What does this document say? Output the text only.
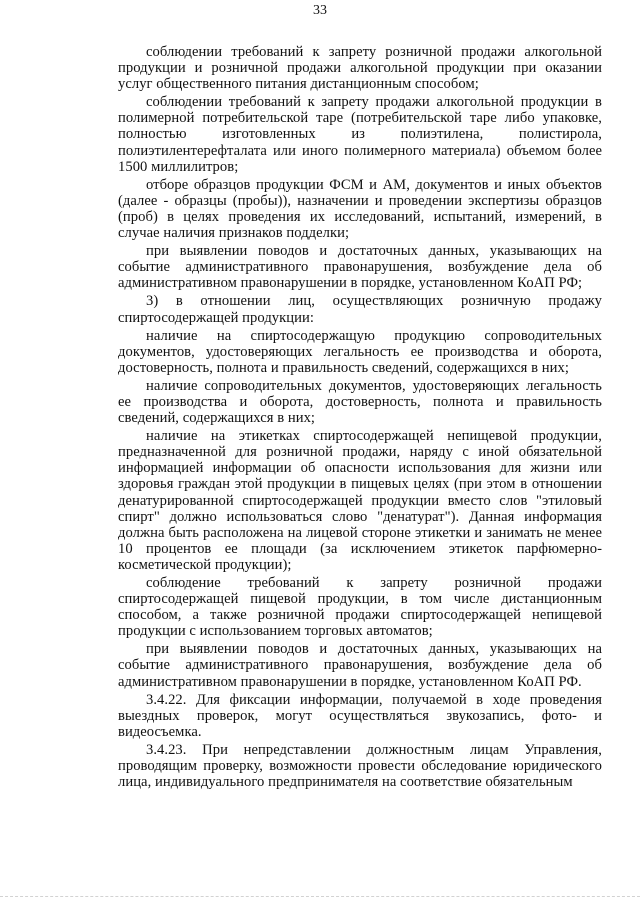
33

соблюдении требований к запрету розничной продажи алкогольной продукции и розничной продажи алкогольной продукции при оказании услуг общественного питания дистанционным способом;

соблюдении требований к запрету продажи алкогольной продукции в полимерной потребительской таре (потребительской таре либо упаковке, полностью изготовленных из полиэтилена, полистирола, полиэтилентерефталата или иного полимерного материала) объемом более 1500 миллилитров;

отборе образцов продукции ФСМ и АМ, документов и иных объектов (далее - образцы (пробы)), назначении и проведении экспертизы образцов (проб) в целях проведения их исследований, испытаний, измерений, в случае наличия признаков подделки;

при выявлении поводов и достаточных данных, указывающих на событие административного правонарушения, возбуждение дела об административном правонарушении в порядке, установленном КоАП РФ;

3) в отношении лиц, осуществляющих розничную продажу спиртосодержащей продукции:

наличие на спиртосодержащую продукцию сопроводительных документов, удостоверяющих легальность ее производства и оборота, достоверность, полнота и правильность сведений, содержащихся в них;

наличие сопроводительных документов, удостоверяющих легальность ее производства и оборота, достоверность, полнота и правильность сведений, содержащихся в них;

наличие на этикетках спиртосодержащей непищевой продукции, предназначенной для розничной продажи, наряду с иной обязательной информацией информации об опасности использования для жизни или здоровья граждан этой продукции в пищевых целях (при этом в отношении денатурированной спиртосодержащей продукции вместо слов "этиловый спирт" должно использоваться слово "денатурат"). Данная информация должна быть расположена на лицевой стороне этикетки и занимать не менее 10 процентов ее площади (за исключением этикеток парфюмерно-косметической продукции);

соблюдение требований к запрету розничной продажи спиртосодержащей пищевой продукции, в том числе дистанционным способом, а также розничной продажи спиртосодержащей непищевой продукции с использованием торговых автоматов;

при выявлении поводов и достаточных данных, указывающих на событие административного правонарушения, возбуждение дела об административном правонарушении в порядке, установленном КоАП РФ.

3.4.22. Для фиксации информации, получаемой в ходе проведения выездных проверок, могут осуществляться звукозапись, фото- и видеосъемка.

3.4.23. При непредставлении должностным лицам Управления, проводящим проверку, возможности провести обследование юридического лица, индивидуального предпринимателя на соответствие обязательным
